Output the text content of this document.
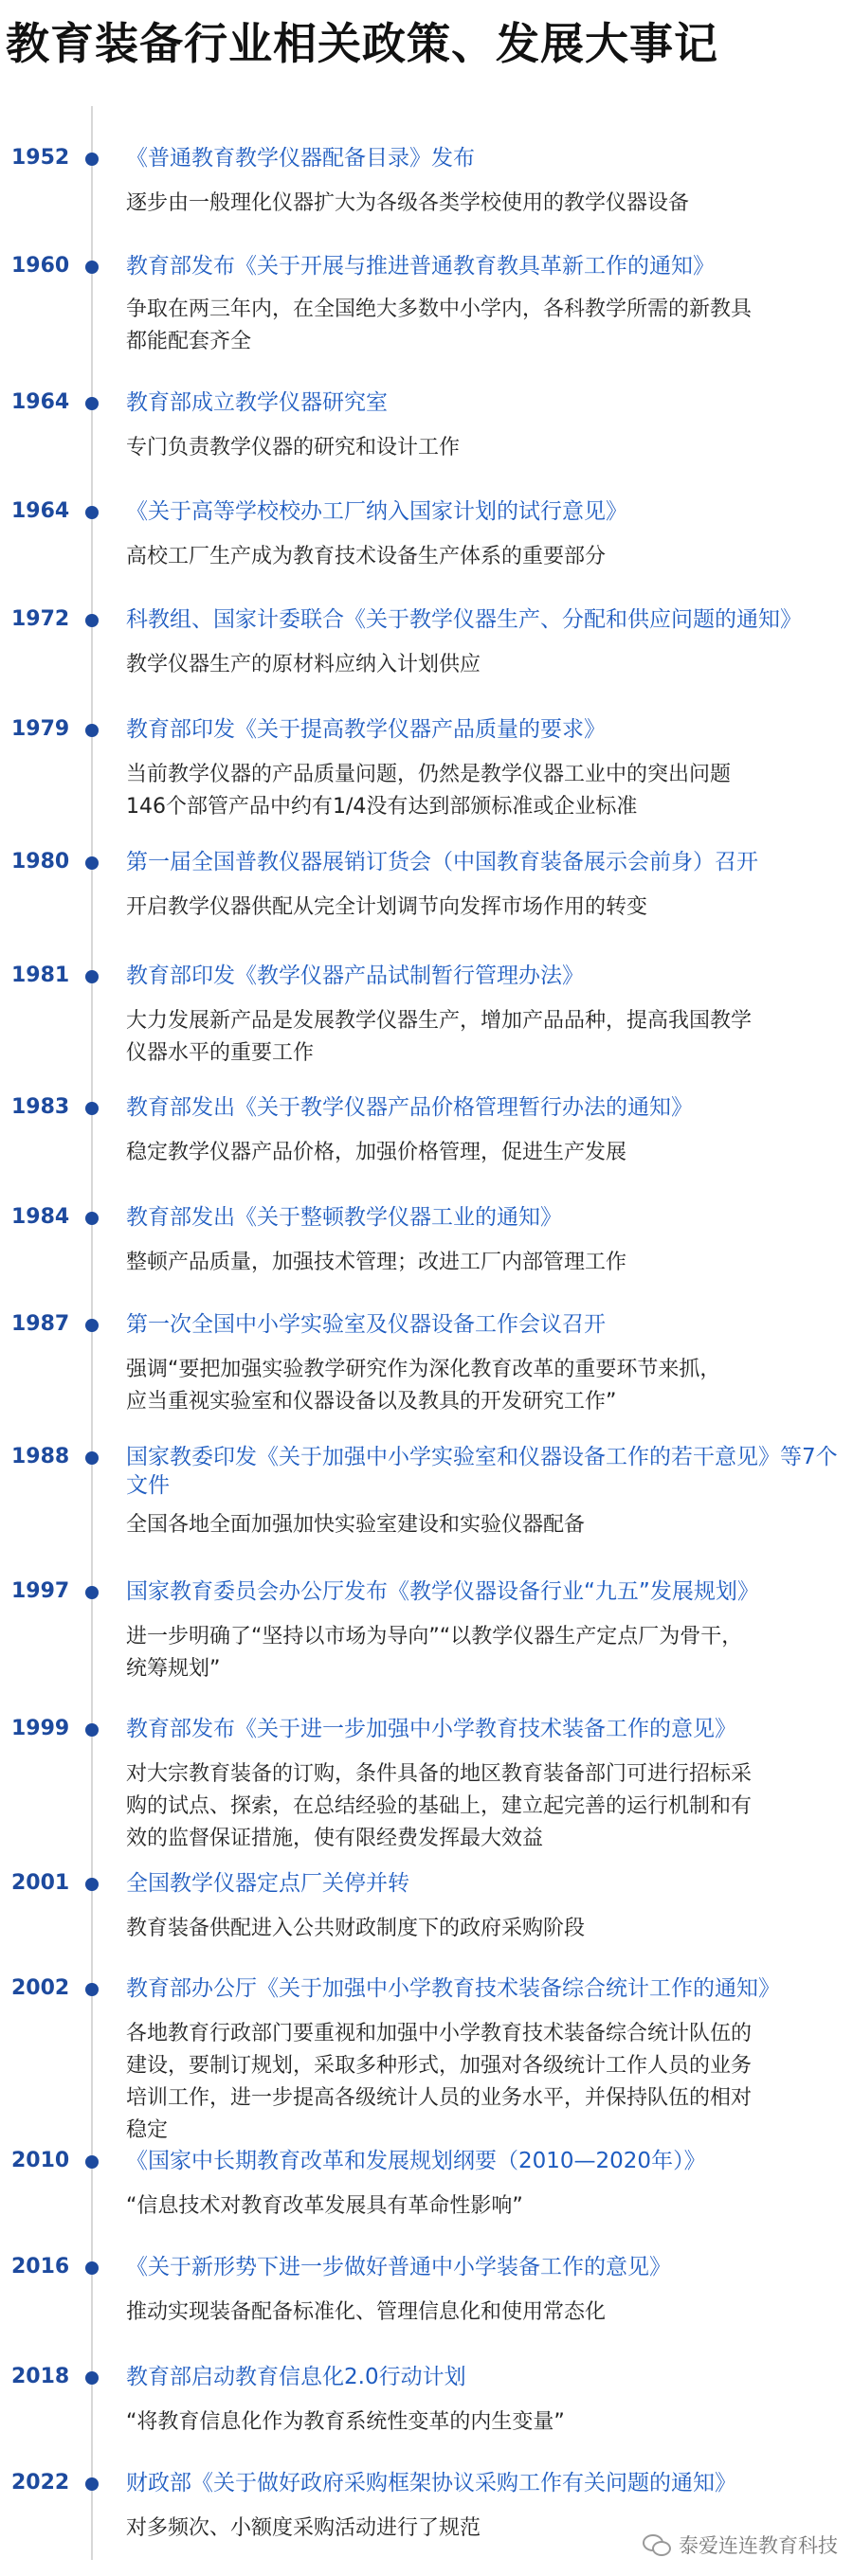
教育装备行业相关政策、发展大事记
1952	《普通教育教学仪器配备目录》发布
逐步由一般理化仪器扩大为各级各类学校使用的教学仪器设备
1960	教育部发布《关于开展与推进普通教育教具革新工作的通知》
争取在两三年内，在全国绝大多数中小学内，各科教学所需的新教具
都能配套齐全
1964	教育部成立教学仪器研究室
专门负责教学仪器的研究和设计工作
1964	《关于高等学校校办工厂纳入国家计划的试行意见》
高校工厂生产成为教育技术设备生产体系的重要部分
1972	科教组、国家计委联合《关于教学仪器生产、分配和供应问题的通知》
教学仪器生产的原材料应纳入计划供应
1979	教育部印发《关于提高教学仪器产品质量的要求》
当前教学仪器的产品质量问题，仍然是教学仪器工业中的突出问题
146个部管产品中约有1/4没有达到部颁标准或企业标准
1980	第一届全国普教仪器展销订货会（中国教育装备展示会前身）召开
开启教学仪器供配从完全计划调节向发挥市场作用的转变
1981	教育部印发《教学仪器产品试制暂行管理办法》
大力发展新产品是发展教学仪器生产，增加产品品种，提高我国教学
仪器水平的重要工作
1983	教育部发出《关于教学仪器产品价格管理暂行办法的通知》
稳定教学仪器产品价格，加强价格管理，促进生产发展
1984	教育部发出《关于整顿教学仪器工业的通知》
整顿产品质量，加强技术管理；改进工厂内部管理工作
1987	第一次全国中小学实验室及仪器设备工作会议召开
强调“要把加强实验教学研究作为深化教育改革的重要环节来抓，
应当重视实验室和仪器设备以及教具的开发研究工作”
1988	国家教委印发《关于加强中小学实验室和仪器设备工作的若干意见》等7个文件
全国各地全面加强加快实验室建设和实验仪器配备
1997	国家教育委员会办公厅发布《教学仪器设备行业“九五”发展规划》
进一步明确了“坚持以市场为导向”“以教学仪器生产定点厂为骨干，
统筹规划”
1999	教育部发布《关于进一步加强中小学教育技术装备工作的意见》
对大宗教育装备的订购，条件具备的地区教育装备部门可进行招标采
购的试点、探索，在总结经验的基础上，建立起完善的运行机制和有
效的监督保证措施，使有限经费发挥最大效益
2001	全国教学仪器定点厂关停并转
教育装备供配进入公共财政制度下的政府采购阶段
2002	教育部办公厅《关于加强中小学教育技术装备综合统计工作的通知》
各地教育行政部门要重视和加强中小学教育技术装备综合统计队伍的
建设，要制订规划，采取多种形式，加强对各级统计工作人员的业务
培训工作，进一步提高各级统计人员的业务水平，并保持队伍的相对
稳定
2010	《国家中长期教育改革和发展规划纲要（2010—2020年）》
“信息技术对教育改革发展具有革命性影响”
2016	《关于新形势下进一步做好普通中小学装备工作的意见》
推动实现装备配备标准化、管理信息化和使用常态化
2018	教育部启动教育信息化2.0行动计划
“将教育信息化作为教育系统性变革的内生变量”
2022	财政部《关于做好政府采购框架协议采购工作有关问题的通知》
对多频次、小额度采购活动进行了规范
泰爱连连教育科技
